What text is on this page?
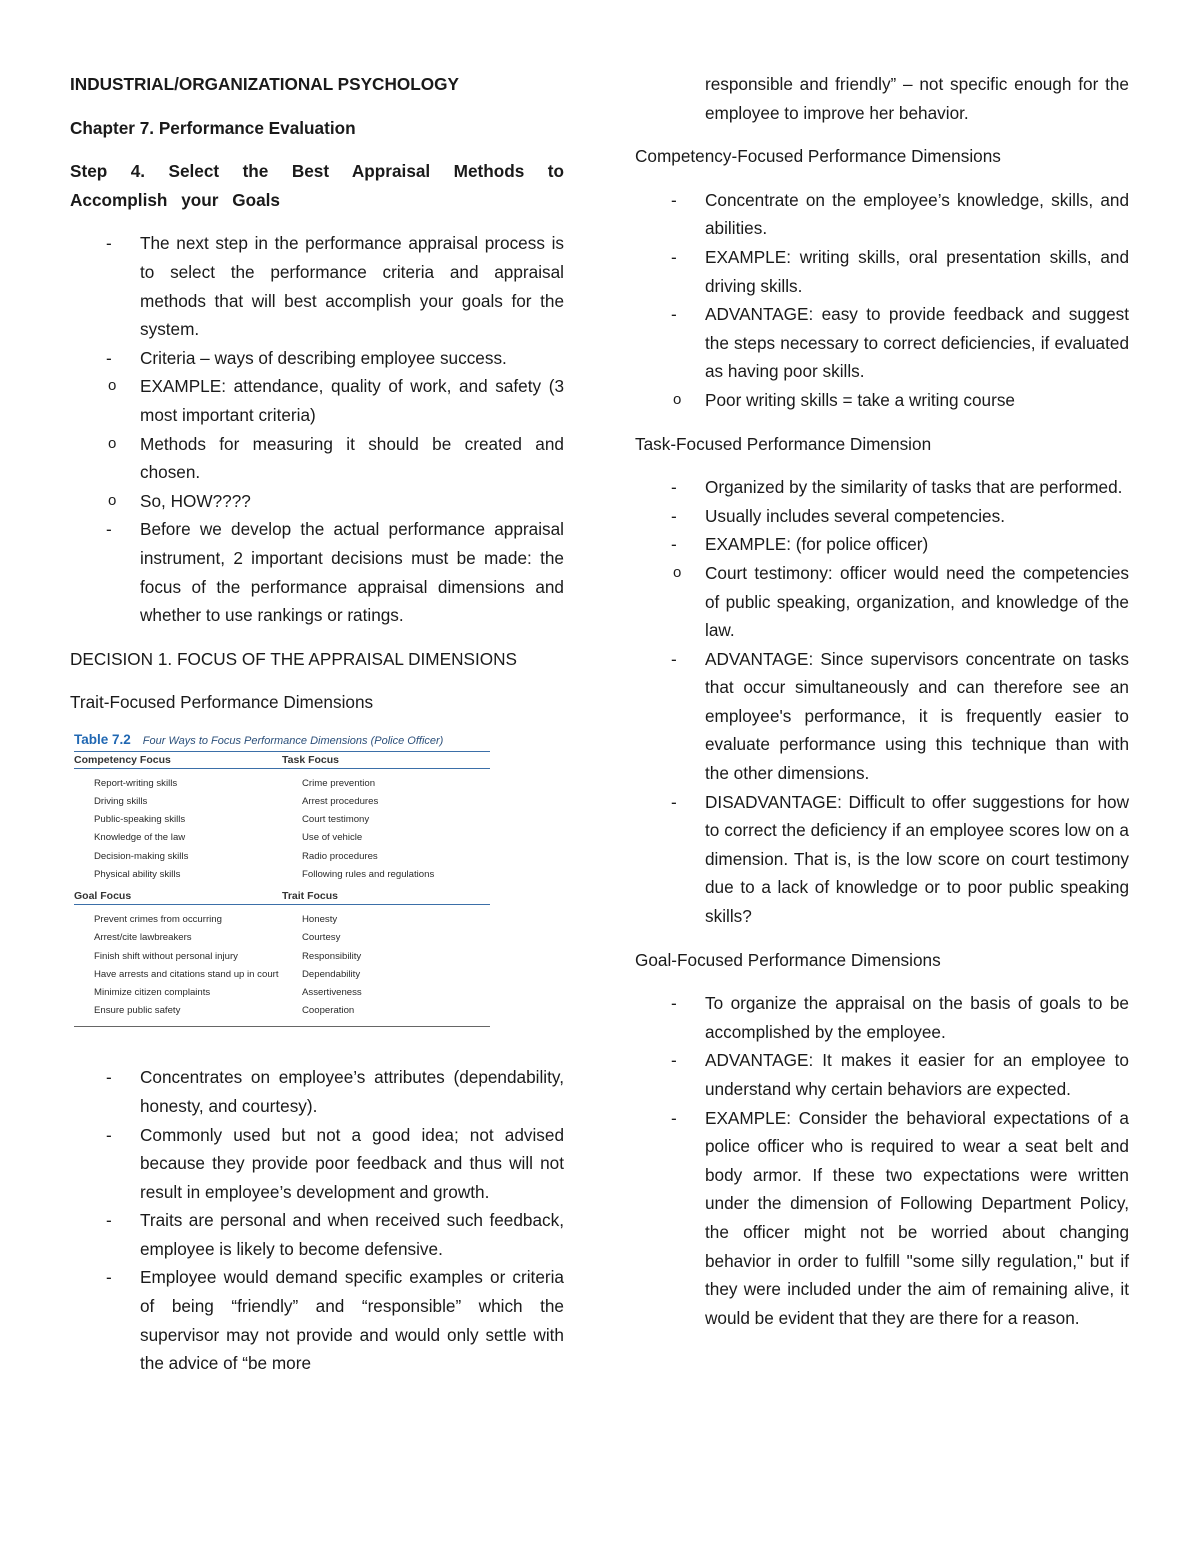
INDUSTRIAL/ORGANIZATIONAL PSYCHOLOGY

Chapter 7. Performance Evaluation

Step 4. Select the Best Appraisal Methods to Accomplish your Goals

- The next step in the performance appraisal process is to select the performance criteria and appraisal methods that will best accomplish your goals for the system.
- Criteria – ways of describing employee success.
o EXAMPLE: attendance, quality of work, and safety (3 most important criteria)
o Methods for measuring it should be created and chosen.
o So, HOW????
- Before we develop the actual performance appraisal instrument, 2 important decisions must be made: the focus of the performance appraisal dimensions and whether to use rankings or ratings.

DECISION 1. FOCUS OF THE APPRAISAL DIMENSIONS

Trait-Focused Performance Dimensions

Table 7.2 Four Ways to Focus Performance Dimensions (Police Officer)
Competency Focus	Task Focus
Report-writing skills
Driving skills
Public-speaking skills
Knowledge of the law
Decision-making skills
Physical ability skills
Crime prevention
Arrest procedures
Court testimony
Use of vehicle
Radio procedures
Following rules and regulations
Goal Focus	Trait Focus
Prevent crimes from occurring
Arrest/cite lawbreakers
Finish shift without personal injury
Have arrests and citations stand up in court
Minimize citizen complaints
Ensure public safety
Honesty
Courtesy
Responsibility
Dependability
Assertiveness
Cooperation
- Concentrates on employee’s attributes (dependability, honesty, and courtesy).
- Commonly used but not a good idea; not advised because they provide poor feedback and thus will not result in employee’s development and growth.
- Traits are personal and when received such feedback, employee is likely to become defensive.
- Employee would demand specific examples or criteria of being “friendly” and “responsible” which the supervisor may not provide and would only settle with the advice of “be more

responsible and friendly” – not specific enough for the employee to improve her behavior.

Competency-Focused Performance Dimensions

- Concentrate on the employee’s knowledge, skills, and abilities.
- EXAMPLE: writing skills, oral presentation skills, and driving skills.
- ADVANTAGE: easy to provide feedback and suggest the steps necessary to correct deficiencies, if evaluated as having poor skills.
o Poor writing skills = take a writing course

Task-Focused Performance Dimension

- Organized by the similarity of tasks that are performed.
- Usually includes several competencies.
- EXAMPLE: (for police officer)
o Court testimony: officer would need the competencies of public speaking, organization, and knowledge of the law.
- ADVANTAGE: Since supervisors concentrate on tasks that occur simultaneously and can therefore see an employee's performance, it is frequently easier to evaluate performance using this technique than with the other dimensions.
- DISADVANTAGE: Difficult to offer suggestions for how to correct the deficiency if an employee scores low on a dimension. That is, is the low score on court testimony due to a lack of knowledge or to poor public speaking skills?

Goal-Focused Performance Dimensions

- To organize the appraisal on the basis of goals to be accomplished by the employee.
- ADVANTAGE: It makes it easier for an employee to understand why certain behaviors are expected.
- EXAMPLE: Consider the behavioral expectations of a police officer who is required to wear a seat belt and body armor. If these two expectations were written under the dimension of Following Department Policy, the officer might not be worried about changing behavior in order to fulfill "some silly regulation," but if they were included under the aim of remaining alive, it would be evident that they are there for a reason.
